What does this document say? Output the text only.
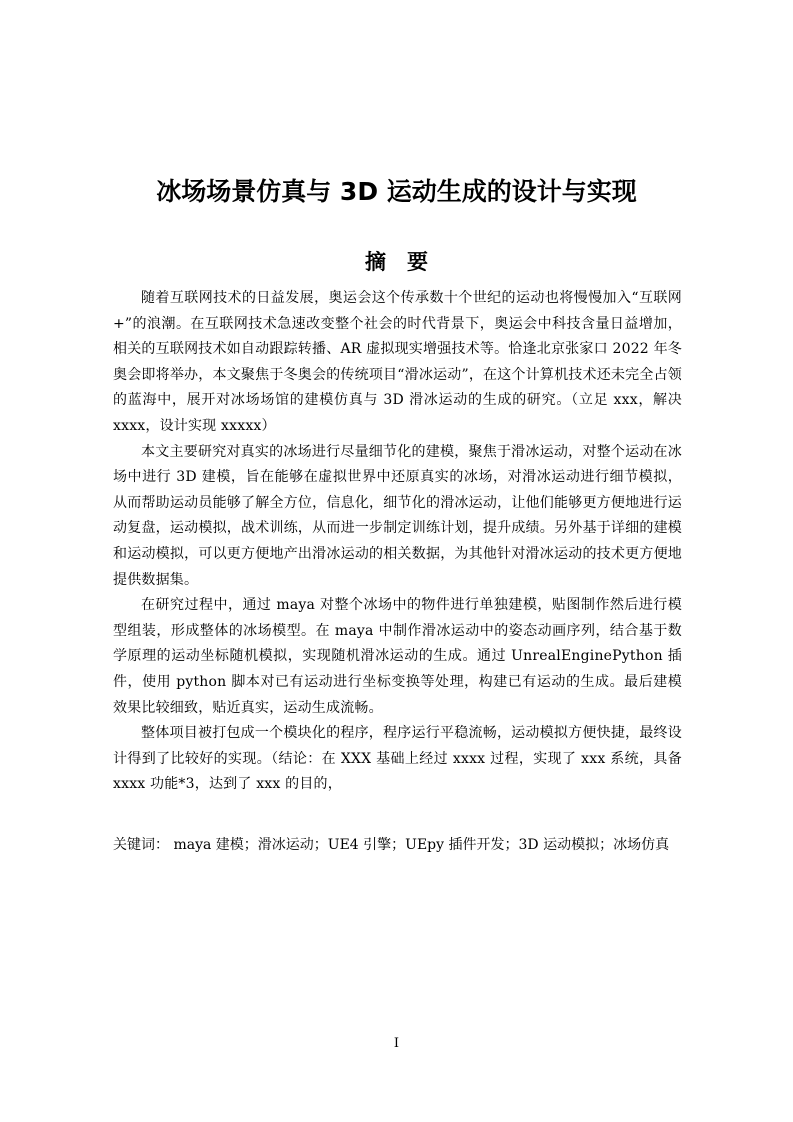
冰场场景仿真与 3D 运动生成的设计与实现
摘　要

随着互联网技术的日益发展，奥运会这个传承数十个世纪的运动也将慢慢加入“互联网+”的浪潮。在互联网技术急速改变整个社会的时代背景下，奥运会中科技含量日益增加，相关的互联网技术如自动跟踪转播、AR 虚拟现实增强技术等。恰逢北京张家口 2022 年冬奥会即将举办，本文聚焦于冬奥会的传统项目“滑冰运动”，在这个计算机技术还未完全占领的蓝海中，展开对冰场场馆的建模仿真与 3D 滑冰运动的生成的研究。（立足 xxx，解决 xxxx，设计实现 xxxxx）

本文主要研究对真实的冰场进行尽量细节化的建模，聚焦于滑冰运动，对整个运动在冰场中进行 3D 建模，旨在能够在虚拟世界中还原真实的冰场，对滑冰运动进行细节模拟，从而帮助运动员能够了解全方位，信息化，细节化的滑冰运动，让他们能够更方便地进行运动复盘，运动模拟，战术训练，从而进一步制定训练计划，提升成绩。另外基于详细的建模和运动模拟，可以更方便地产出滑冰运动的相关数据，为其他针对滑冰运动的技术更方便地提供数据集。

在研究过程中，通过 maya 对整个冰场中的物件进行单独建模，贴图制作然后进行模型组装，形成整体的冰场模型。在 maya 中制作滑冰运动中的姿态动画序列，结合基于数学原理的运动坐标随机模拟，实现随机滑冰运动的生成。通过 UnrealEnginePython 插件，使用 python 脚本对已有运动进行坐标变换等处理，构建已有运动的生成。最后建模效果比较细致，贴近真实，运动生成流畅。

整体项目被打包成一个模块化的程序，程序运行平稳流畅，运动模拟方便快捷，最终设计得到了比较好的实现。（结论：在 XXX 基础上经过 xxxx 过程，实现了 xxx 系统，具备 xxxx 功能*3，达到了 xxx 的目的，

关键词： maya 建模；滑冰运动；UE4 引擎；UEpy 插件开发；3D 运动模拟；冰场仿真

I
